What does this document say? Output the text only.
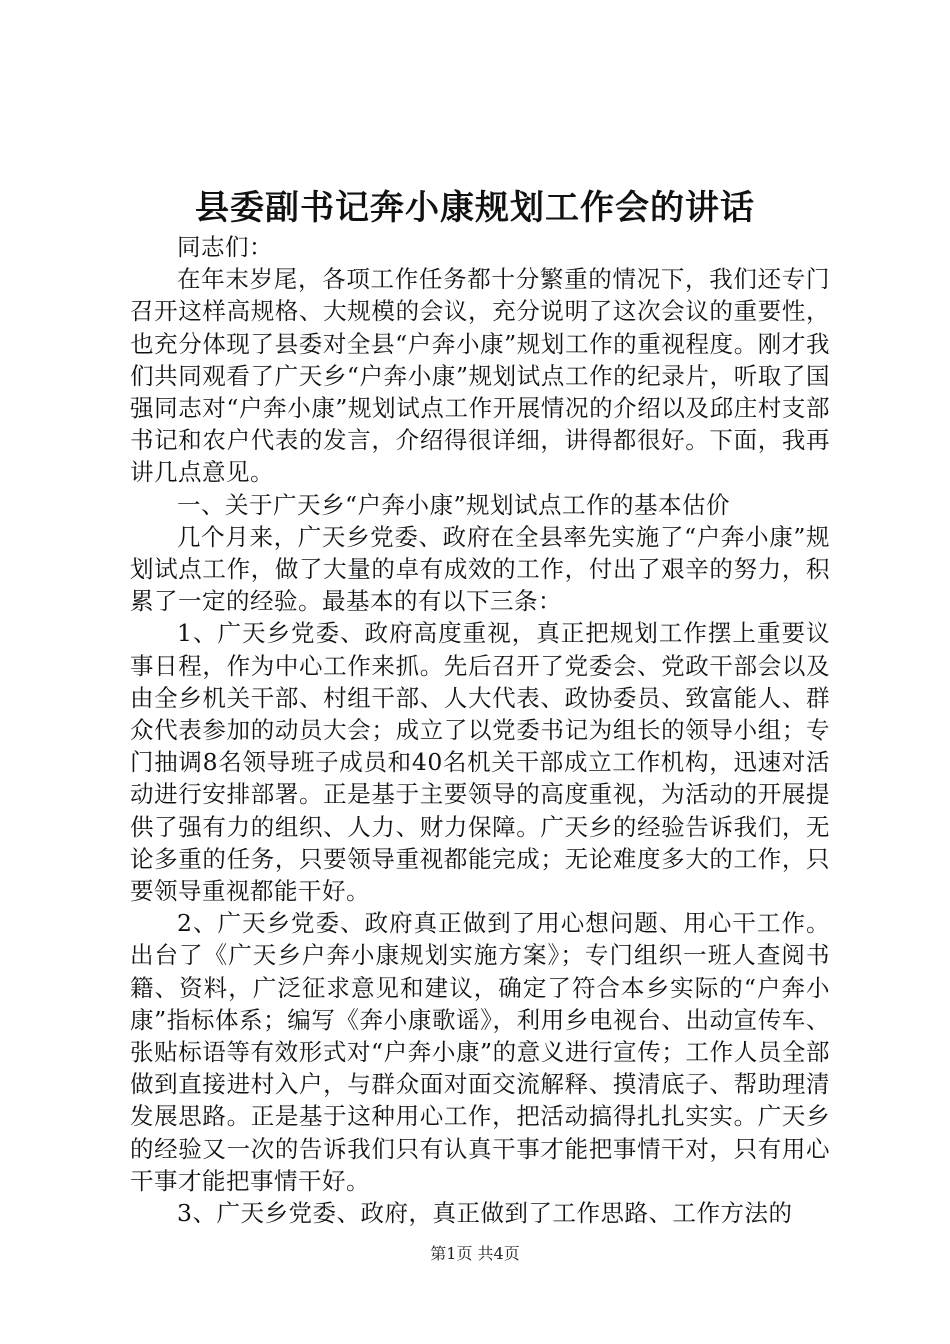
县委副书记奔小康规划工作会的讲话

同志们：

在年末岁尾，各项工作任务都十分繁重的情况下，我们还专门召开这样高规格、大规模的会议，充分说明了这次会议的重要性，也充分体现了县委对全县“户奔小康”规划工作的重视程度。刚才我们共同观看了广天乡“户奔小康”规划试点工作的纪录片，听取了国强同志对“户奔小康”规划试点工作开展情况的介绍以及邱庄村支部书记和农户代表的发言，介绍得很详细，讲得都很好。下面，我再讲几点意见。

一、关于广天乡“户奔小康”规划试点工作的基本估价

几个月来，广天乡党委、政府在全县率先实施了“户奔小康”规划试点工作，做了大量的卓有成效的工作，付出了艰辛的努力，积累了一定的经验。最基本的有以下三条：

1、广天乡党委、政府高度重视，真正把规划工作摆上重要议事日程，作为中心工作来抓。先后召开了党委会、党政干部会以及由全乡机关干部、村组干部、人大代表、政协委员、致富能人、群众代表参加的动员大会；成立了以党委书记为组长的领导小组；专门抽调8名领导班子成员和40名机关干部成立工作机构，迅速对活动进行安排部署。正是基于主要领导的高度重视，为活动的开展提供了强有力的组织、人力、财力保障。广天乡的经验告诉我们，无论多重的任务，只要领导重视都能完成；无论难度多大的工作，只要领导重视都能干好。

2、广天乡党委、政府真正做到了用心想问题、用心干工作。出台了《广天乡户奔小康规划实施方案》；专门组织一班人查阅书籍、资料，广泛征求意见和建议，确定了符合本乡实际的“户奔小康”指标体系；编写《奔小康歌谣》，利用乡电视台、出动宣传车、张贴标语等有效形式对“户奔小康”的意义进行宣传；工作人员全部做到直接进村入户，与群众面对面交流解释、摸清底子、帮助理清发展思路。正是基于这种用心工作，把活动搞得扎扎实实。广天乡的经验又一次的告诉我们只有认真干事才能把事情干对，只有用心干事才能把事情干好。

3、广天乡党委、政府，真正做到了工作思路、工作方法的

第1页 共4页
